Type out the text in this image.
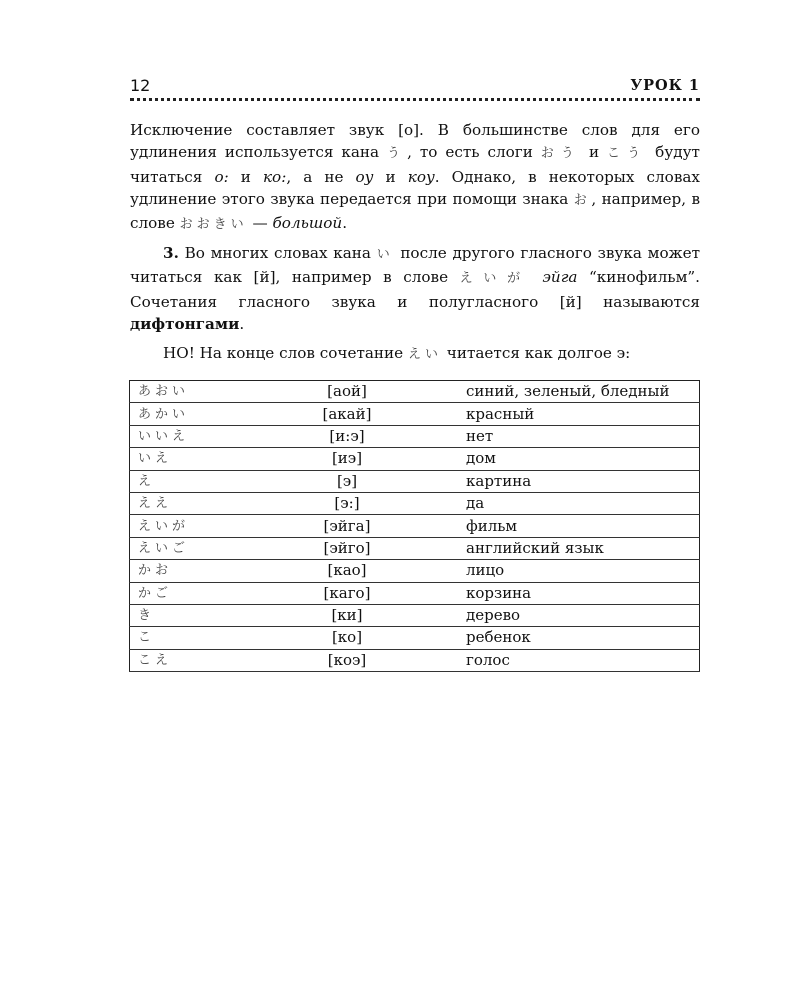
12	УРОК 1

Исключение составляет звук [о]. В большинстве слов для его удлинения используется кана う, то есть слоги おう и こう будут читаться о: и ко:, а не оу и коу. Однако, в некоторых словах удлинение этого звука передается при помощи знака お, например, в слове おおきい — большой.

3. Во многих словах кана い после другого гласного звука может читаться как [й], например в слове えいが эйга “кинофильм”. Сочетания гласного звука и полугласного [й] называются дифтонгами.

НО! На конце слов сочетание えい читается как долгое э:

あおい	[аой]	синий, зеленый, бледный
あかい	[акай]	красный
いいえ	[и:э]	нет
いえ	[иэ]	дом
え	[э]	картина
ええ	[э:]	да
えいが	[эйга]	фильм
えいご	[эйго]	английский язык
かお	[као]	лицо
かご	[каго]	корзина
き	[ки]	дерево
こ	[ко]	ребенок
こえ	[коэ]	голос
